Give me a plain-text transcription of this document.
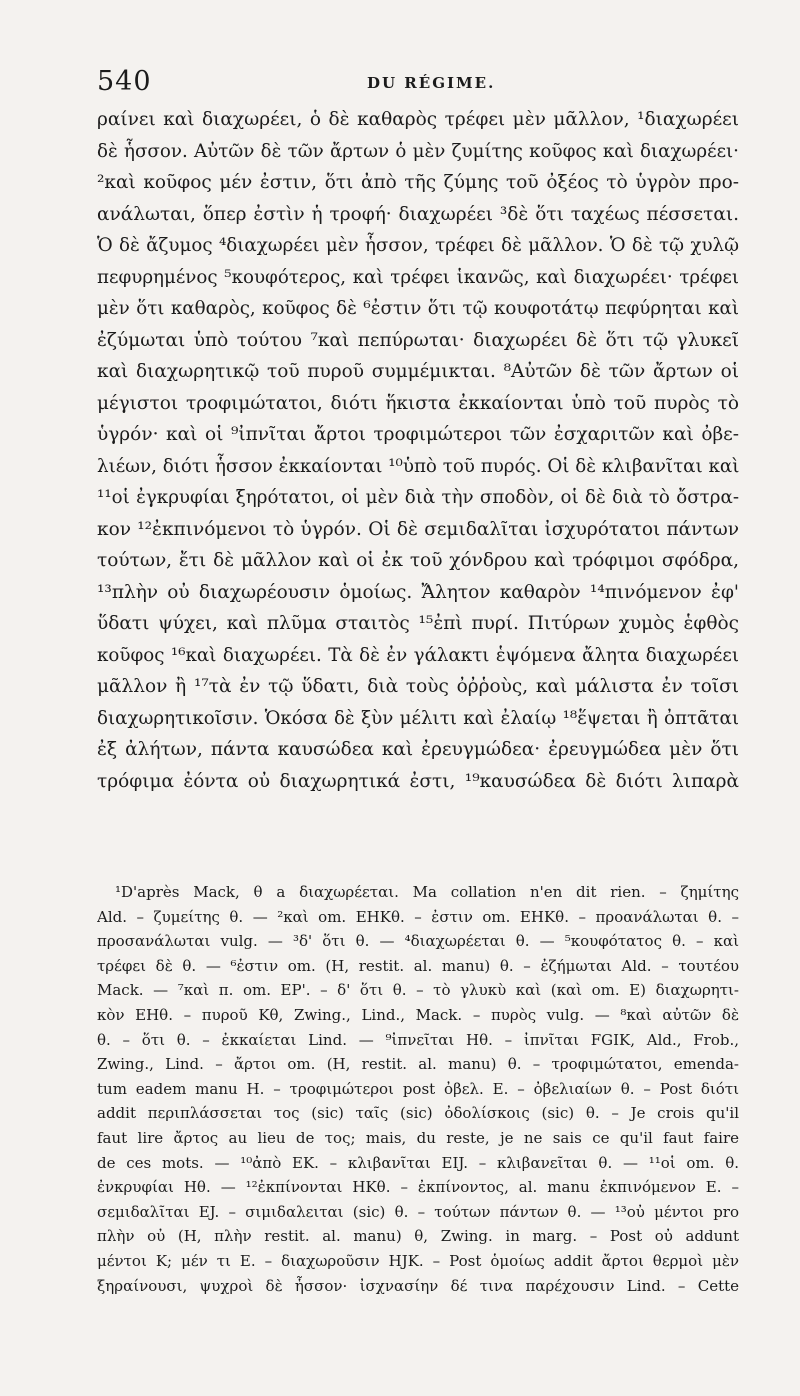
540	DU RÉGIME.
ραίνει καὶ διαχωρέει, ὁ δὲ καθαρὸς τρέφει μὲν μᾶλλον, ¹διαχωρέει
δὲ ἧσσον. Αὐτῶν δὲ τῶν ἄρτων ὁ μὲν ζυμίτης κοῦφος καὶ διαχωρέει·
²καὶ κοῦφος μέν ἐστιν, ὅτι ἀπὸ τῆς ζύμης τοῦ ὀξέος τὸ ὑγρὸν προ-
ανάλωται, ὅπερ ἐστὶν ἡ τροφή· διαχωρέει ³δὲ ὅτι ταχέως πέσσεται.
Ὁ δὲ ἄζυμος ⁴διαχωρέει μὲν ἧσσον, τρέφει δὲ μᾶλλον. Ὁ δὲ τῷ χυλῷ
πεφυρημένος ⁵κουφότερος, καὶ τρέφει ἱκανῶς, καὶ διαχωρέει· τρέφει
μὲν ὅτι καθαρὸς, κοῦφος δὲ ⁶ἐστιν ὅτι τῷ κουφοτάτῳ πεφύρηται καὶ
ἐζύμωται ὑπὸ τούτου ⁷καὶ πεπύρωται· διαχωρέει δὲ ὅτι τῷ γλυκεῖ
καὶ διαχωρητικῷ τοῦ πυροῦ συμμέμικται. ⁸Αὐτῶν δὲ τῶν ἄρτων οἱ
μέγιστοι τροφιμώτατοι, διότι ἥκιστα ἐκκαίονται ὑπὸ τοῦ πυρὸς τὸ
ὑγρόν· καὶ οἱ ⁹ἰπνῖται ἄρτοι τροφιμώτεροι τῶν ἐσχαριτῶν καὶ ὀβε-
λιέων, διότι ἧσσον ἐκκαίονται ¹⁰ὑπὸ τοῦ πυρός. Οἱ δὲ κλιβανῖται καὶ
¹¹οἱ ἐγκρυφίαι ξηρότατοι, οἱ μὲν διὰ τὴν σποδὸν, οἱ δὲ διὰ τὸ ὄστρα-
κον ¹²ἐκπινόμενοι τὸ ὑγρόν. Οἱ δὲ σεμιδαλῖται ἰσχυρότατοι πάντων
τούτων, ἔτι δὲ μᾶλλον καὶ οἱ ἐκ τοῦ χόνδρου καὶ τρόφιμοι σφόδρα,
¹³πλὴν οὐ διαχωρέουσιν ὁμοίως. Ἄλητον καθαρὸν ¹⁴πινόμενον ἐφ'
ὕδατι ψύχει, καὶ πλῦμα σταιτὸς ¹⁵ἐπὶ πυρί. Πιτύρων χυμὸς ἑφθὸς
κοῦφος ¹⁶καὶ διαχωρέει. Τὰ δὲ ἐν γάλακτι ἑψόμενα ἄλητα διαχωρέει
μᾶλλον ἢ ¹⁷τὰ ἐν τῷ ὕδατι, διὰ τοὺς ὀῤῥοὺς, καὶ μάλιστα ἐν τοῖσι
διαχωρητικοῖσιν. Ὁκόσα δὲ ξὺν μέλιτι καὶ ἐλαίῳ ¹⁸ἕψεται ἢ ὀπτᾶται
ἐξ ἀλήτων, πάντα καυσώδεα καὶ ἐρευγμώδεα· ἐρευγμώδεα μὲν ὅτι
τρόφιμα ἐόντα οὐ διαχωρητικά ἐστι, ¹⁹καυσώδεα δὲ διότι λιπαρὰ
¹D'après Mack, θ a διαχωρέεται. Ma collation n'en dit rien. – ζημίτης
Ald. – ζυμείτης θ. — ²καὶ om. EHKθ. – ἐστιν om. EHKθ. – προανάλωται θ. –
προσανάλωται vulg. — ³δ' ὅτι θ. — ⁴διαχωρέεται θ. — ⁵κουφότατος θ. – καὶ
τρέφει δὲ θ. — ⁶ἐστιν om. (H, restit. al. manu) θ. – ἐζήμωται Ald. – τουτέου
Mack. — ⁷καὶ π. om. EP'. – δ' ὅτι θ. – τὸ γλυκὺ καὶ (καὶ om. E) διαχωρητι-
κὸν EHθ. – πυροῦ Kθ, Zwing., Lind., Mack. – πυρὸς vulg. — ⁸καὶ αὐτῶν δὲ
θ. – ὅτι θ. – ἐκκαίεται Lind. — ⁹ἰπνεῖται Hθ. – ἰπνῖται FGIK, Ald., Frob.,
Zwing., Lind. – ἄρτοι om. (H, restit. al. manu) θ. – τροφιμώτατοι, emenda-
tum eadem manu H. – τροφιμώτεροι post ὀβελ. E. – ὀβελιαίων θ. – Post διότι
addit περιπλάσσεται τος (sic) ταῖς (sic) ὀδολίσκοις (sic) θ. – Je crois qu'il
faut lire ἄρτος au lieu de τος; mais, du reste, je ne sais ce qu'il faut faire
de ces mots. — ¹⁰ἀπὸ EK. – κλιβανῖται EIJ. – κλιβανεῖται θ. — ¹¹οἱ om. θ.
ἐνκρυφίαι Hθ. — ¹²ἐκπίνονται HKθ. – ἐκπίνοντος, al. manu ἐκπινόμενον E. –
σεμιδαλῖται EJ. – σιμιδαλειται (sic) θ. – τούτων πάντων θ. — ¹³οὐ μέντοι pro
πλὴν οὐ (H, πλὴν restit. al. manu) θ, Zwing. in marg. – Post οὐ addunt
μέντοι K; μέν τι E. – διαχωροῦσιν HJK. – Post ὁμοίως addit ἄρτοι θερμοὶ μὲν
ξηραίνουσι, ψυχροὶ δὲ ἧσσον· ἰσχνασίην δέ τινα παρέχουσιν Lind. – Cette
